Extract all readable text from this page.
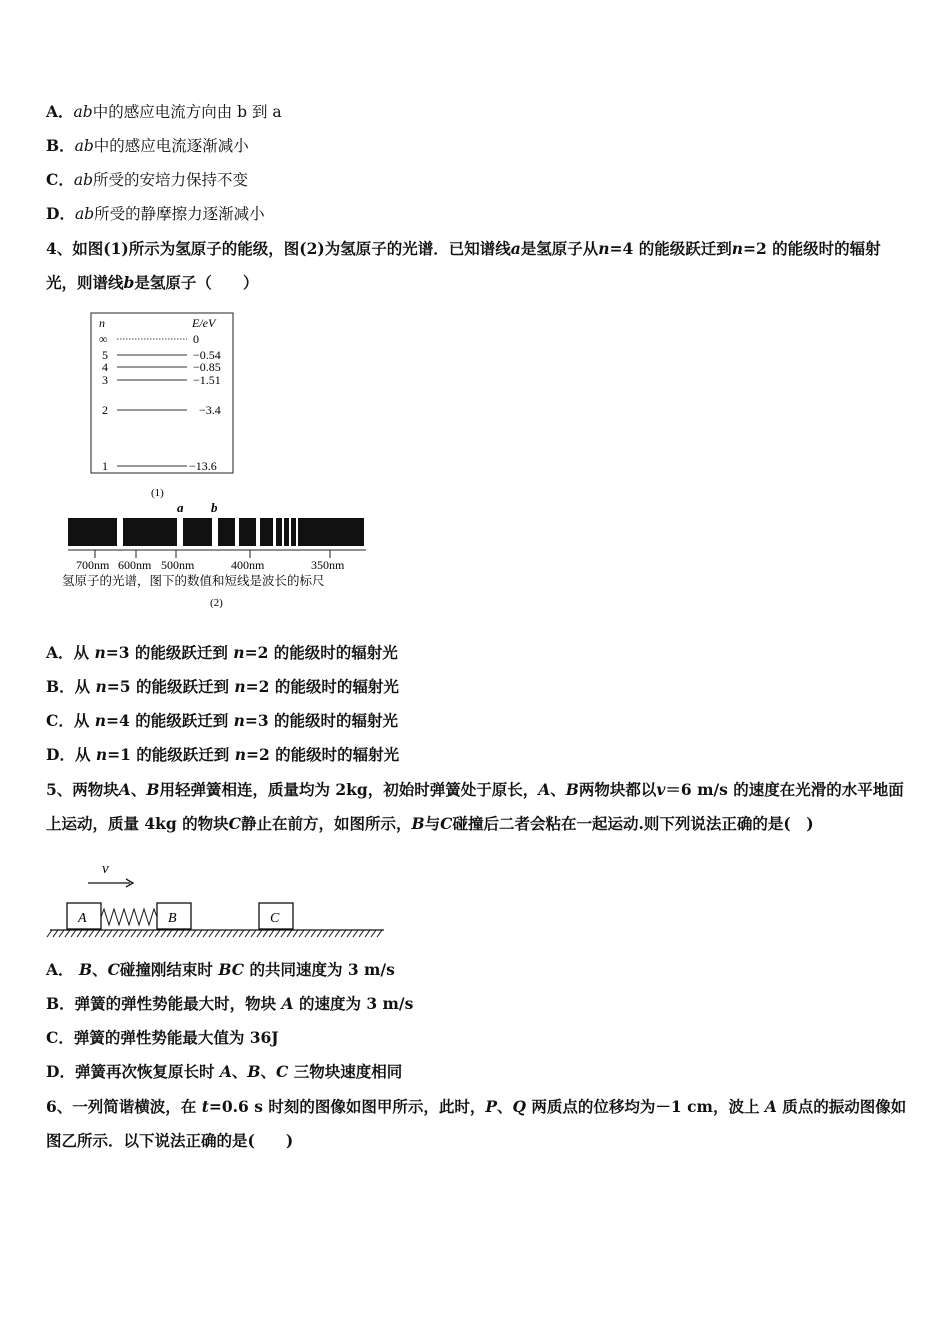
A．ab中的感应电流方向由 b 到 a
B．ab中的感应电流逐渐减小
C．ab所受的安培力保持不变
D．ab所受的静摩擦力逐渐减小
4、如图(1)所示为氢原子的能级，图(2)为氢原子的光谱．已知谱线a是氢原子从n=4 的能级跃迁到n=2 的能级时的辐射光，则谱线b是氢原子（　　）
n	E/eV
∞	0
5	−0.54
4	−0.85
3	−1.51
2	−3.4
1	−13.6
(1)
a b
700nm 600nm 500nm	400nm	350nm
氢原子的光谱，图下的数值和短线是波长的标尺
(2)
A．从 n=3 的能级跃迁到 n=2 的能级时的辐射光
B．从 n=5 的能级跃迁到 n=2 的能级时的辐射光
C．从 n=4 的能级跃迁到 n=3 的能级时的辐射光
D．从 n=1 的能级跃迁到 n=2 的能级时的辐射光
5、两物块A、B用轻弹簧相连，质量均为 2kg，初始时弹簧处于原长，A、B两物块都以v＝6 m/s 的速度在光滑的水平地面上运动，质量 4kg 的物块C静止在前方，如图所示，B与C碰撞后二者会粘在一起运动.则下列说法正确的是(　)
v
A	B	C
A． B、C碰撞刚结束时 BC 的共同速度为 3 m/s
B．弹簧的弹性势能最大时，物块 A 的速度为 3 m/s
C．弹簧的弹性势能最大值为 36J
D．弹簧再次恢复原长时 A、B、C 三物块速度相同
6、一列简谐横波，在 t=0.6 s 时刻的图像如图甲所示，此时，P、Q 两质点的位移均为－1 cm，波上 A 质点的振动图像如图乙所示．以下说法正确的是(　　)
